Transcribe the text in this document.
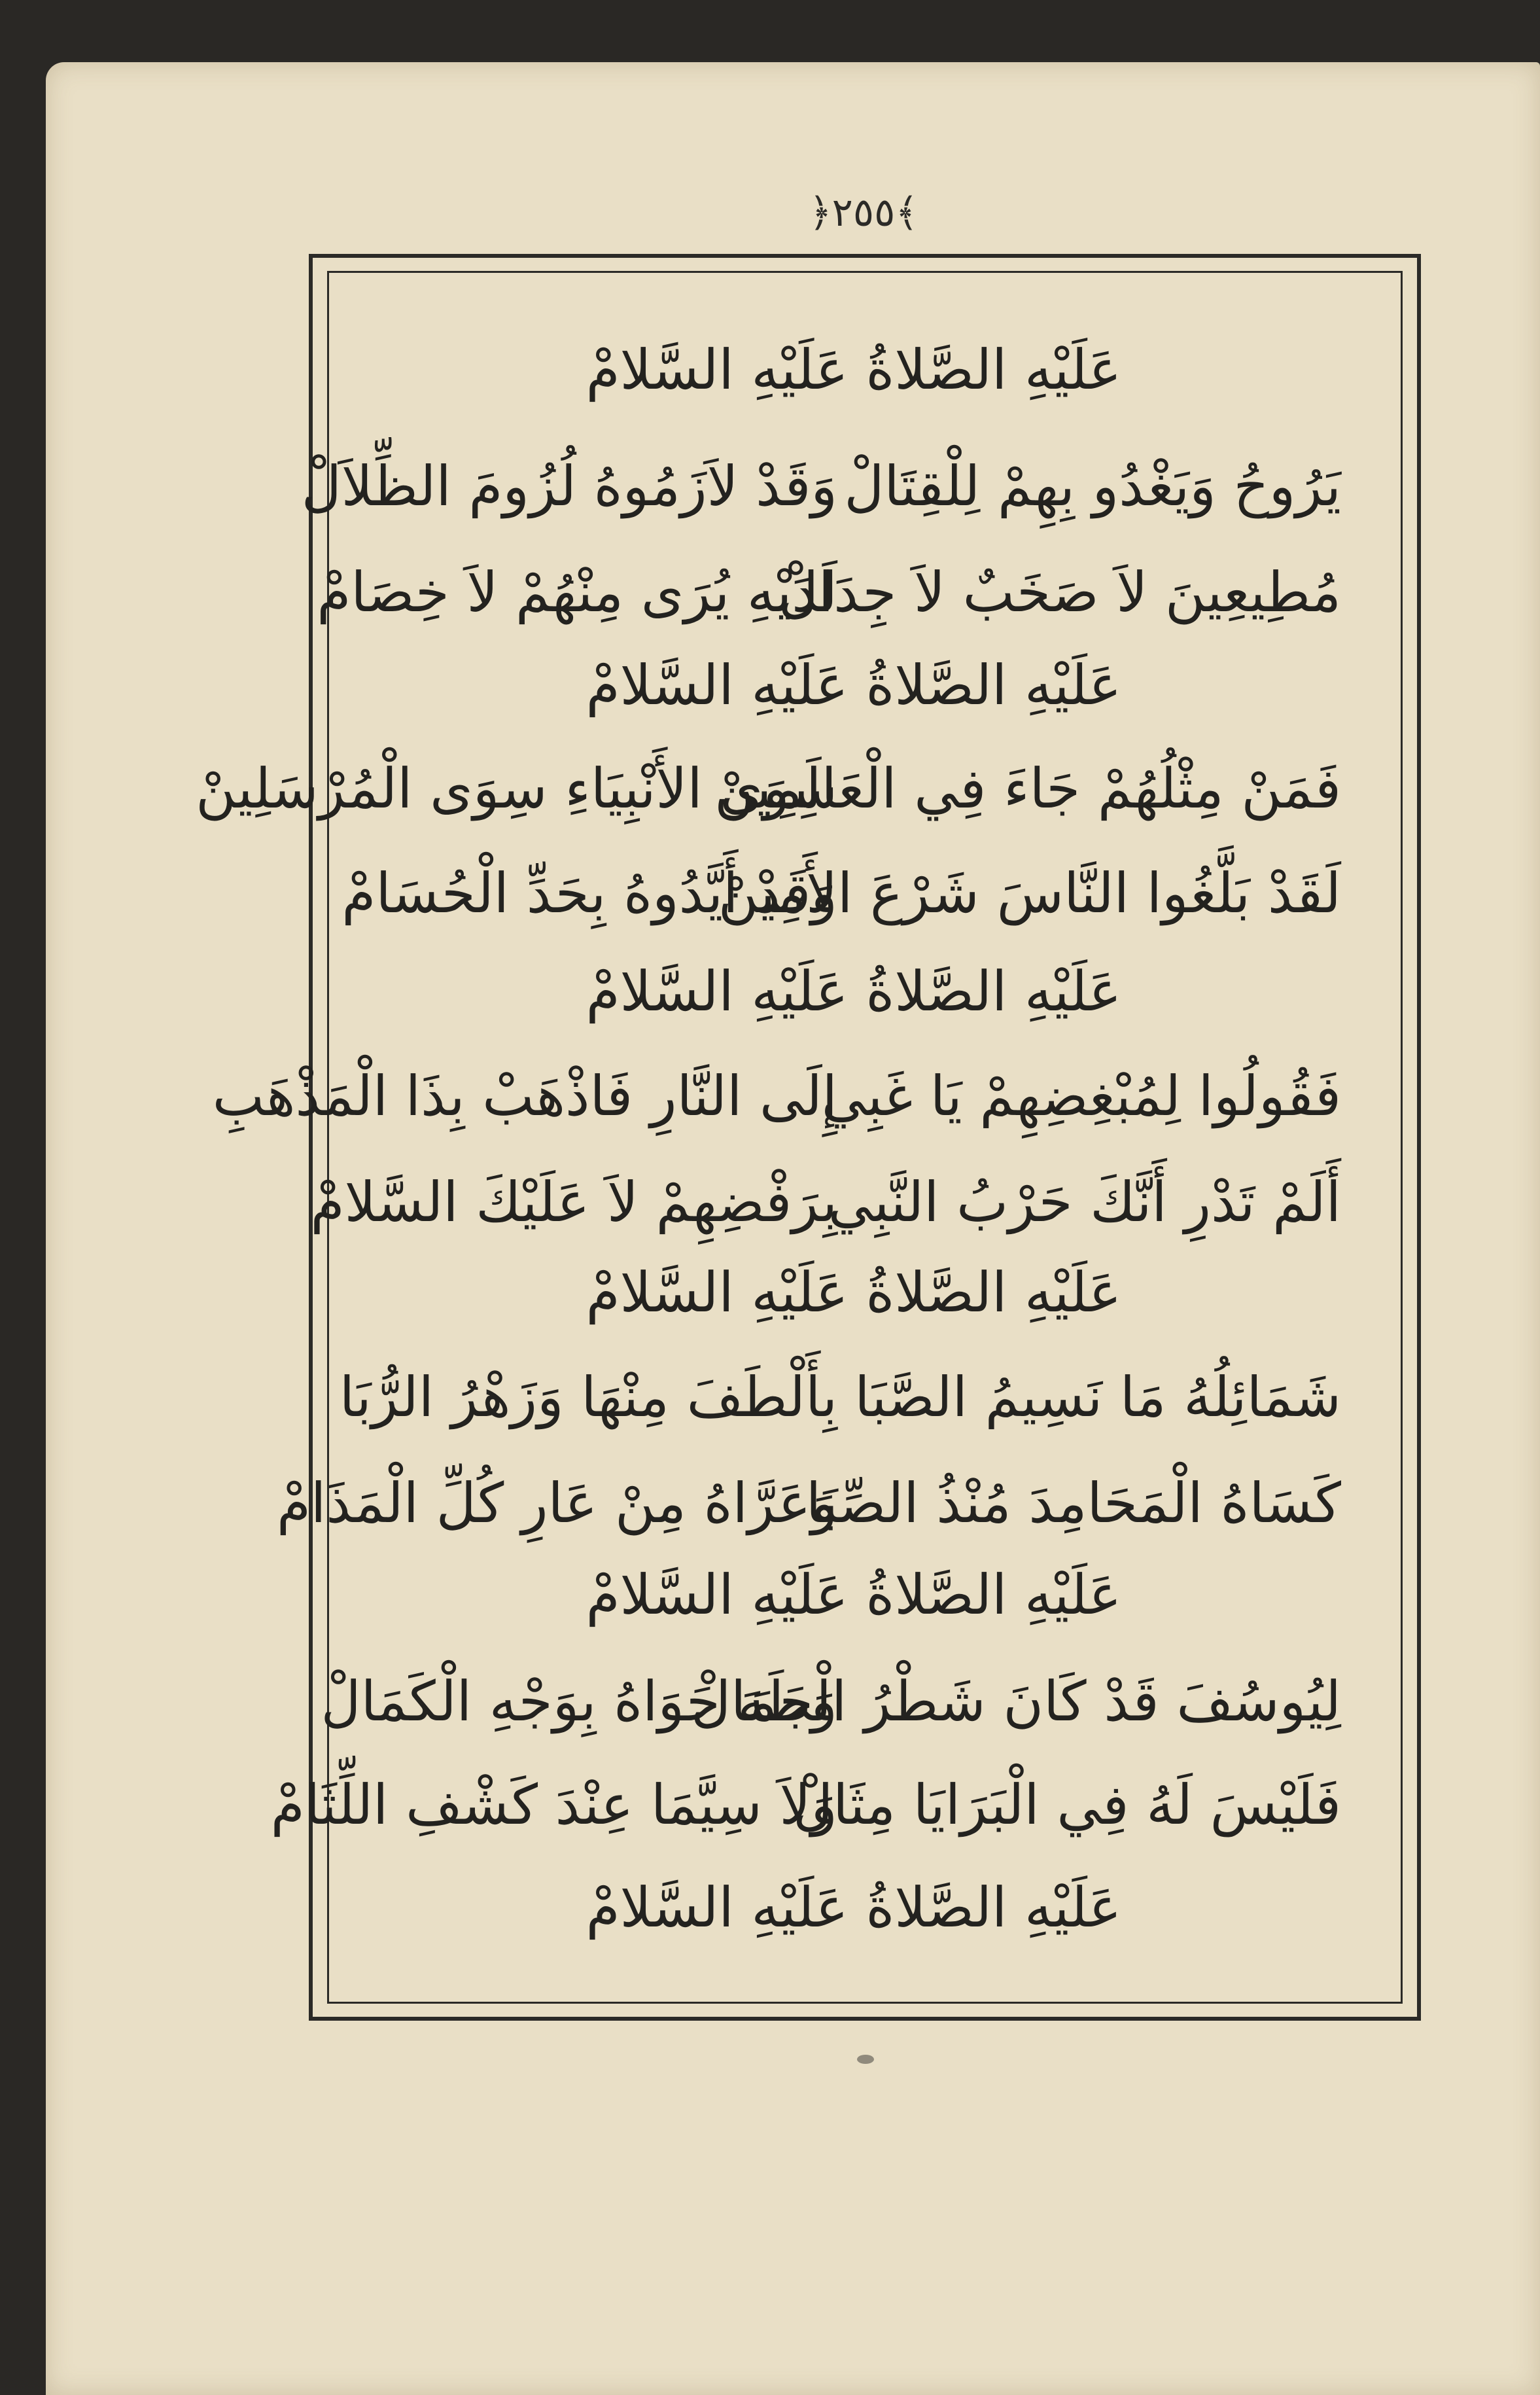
﴿٢٥٥﴾
عَلَيْهِ الصَّلاةُ عَلَيْهِ السَّلامْ
يَرُوحُ وَيَغْدُو بِهِمْ لِلْقِتَالْ
وَقَدْ لاَزَمُوهُ لُزُومَ الظِّلاَلْ
مُطِيعِينَ لاَ صَخَبٌ لاَ جِدَالْ
لَدَيْهِ يُرَى مِنْهُمْ لاَ خِصَامْ
عَلَيْهِ الصَّلاةُ عَلَيْهِ السَّلامْ
فَمَنْ مِثْلُهُمْ جَاءَ فِي الْعَالَمِينْ
سِوَى الأَنْبِيَاءِ سِوَى الْمُرْسَلِينْ
لَقَدْ بَلَّغُوا النَّاسَ شَرْعَ الأَمِينْ
وَقَدْ أَيَّدُوهُ بِحَدِّ الْحُسَامْ
عَلَيْهِ الصَّلاةُ عَلَيْهِ السَّلامْ
فَقُولُوا لِمُبْغِضِهِمْ يَا غَبِي
إِلَى النَّارِ فَاذْهَبْ بِذَا الْمَذْهَبِ
أَلَمْ تَدْرِ أَنَّكَ حَرْبُ النَّبِي
بِرَفْضِهِمْ لاَ عَلَيْكَ السَّلامْ
عَلَيْهِ الصَّلاةُ عَلَيْهِ السَّلامْ
شَمَائِلُهُ مَا نَسِيمُ الصَّبَا
بِأَلْطَفَ مِنْهَا وَزَهْرُ الرُّبَا
كَسَاهُ الْمَحَامِدَ مُنْذُ الصِّبَا
وَعَرَّاهُ مِنْ عَارِ كُلِّ الْمَذَامْ
عَلَيْهِ الصَّلاةُ عَلَيْهِ السَّلامْ
لِيُوسُفَ قَدْ كَانَ شَطْرُ الْجَمَالْ
وَطَهَ حَوَاهُ بِوَجْهِ الْكَمَالْ
فَلَيْسَ لَهُ فِي الْبَرَايَا مِثَالْ
وَلاَ سِيَّمَا عِنْدَ كَشْفِ اللِّثَامْ
عَلَيْهِ الصَّلاةُ عَلَيْهِ السَّلامْ
